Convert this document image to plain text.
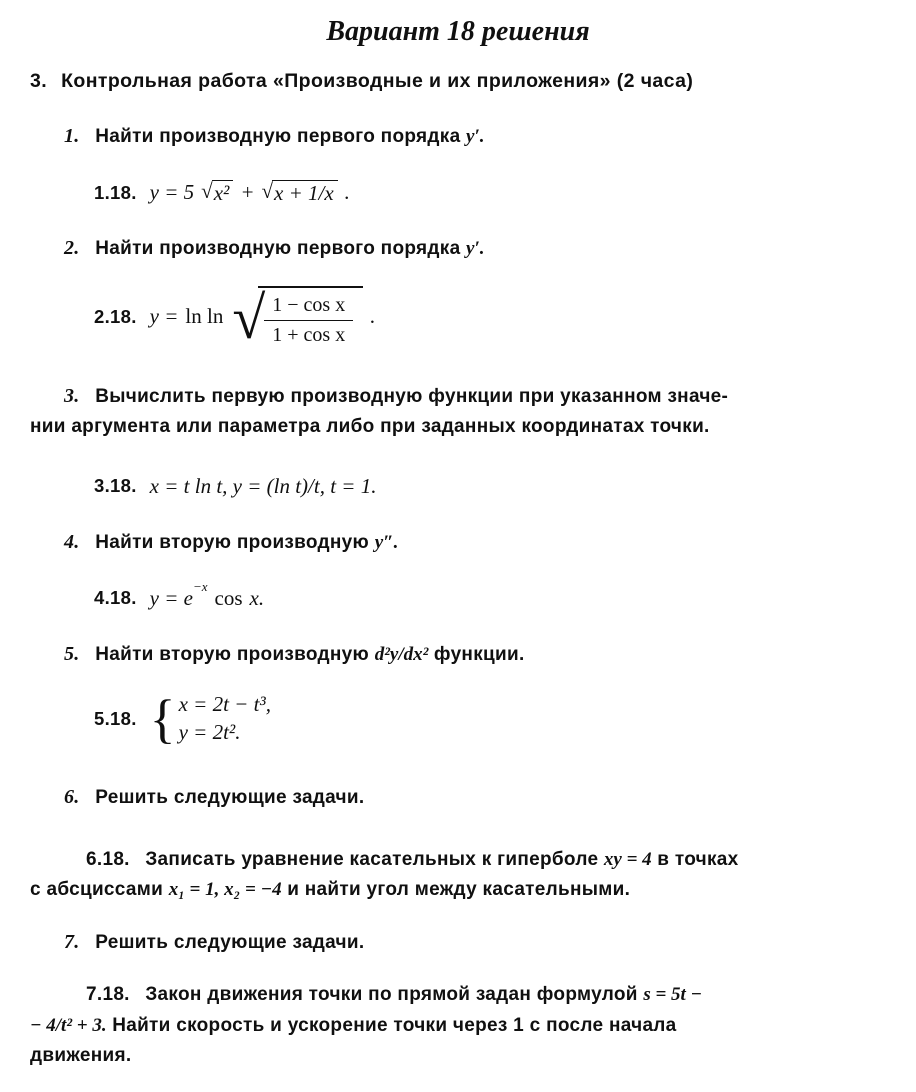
Вариант 18 решения
3. Контрольная работа «Производные и их приложения» (2 часа)
1. Найти производную первого порядка y′.
1.18. y = 5 √ x² + √ x + 1/x .
2. Найти производную первого порядка y′.
2.18. y = ln ln √ $\frac{\text{1 − cos x}}{\text{1 + cos x}}$ .
3. Вычислить первую производную функции при указанном значе-
нии аргумента или параметра либо при заданных координатах точки.
3.18. x = t ln t, y = (ln t)/t, t = 1.
4. Найти вторую производную y″.
4.18. y = e −x cos x.
5. Найти вторую производную d²y/dx² функции.
5.18. { x = 2t − t³,
y = 2t².
6. Решить следующие задачи.
6.18. Записать уравнение касательных к гиперболе xy = 4 в точках
с абсциссами x₁ = 1, x₂ = −4 и найти угол между касательными.
7. Решить следующие задачи.
7.18. Закон движения точки по прямой задан формулой s = 5t −
− 4/t² + 3. Найти скорость и ускорение точки через 1 с после начала
движения.
